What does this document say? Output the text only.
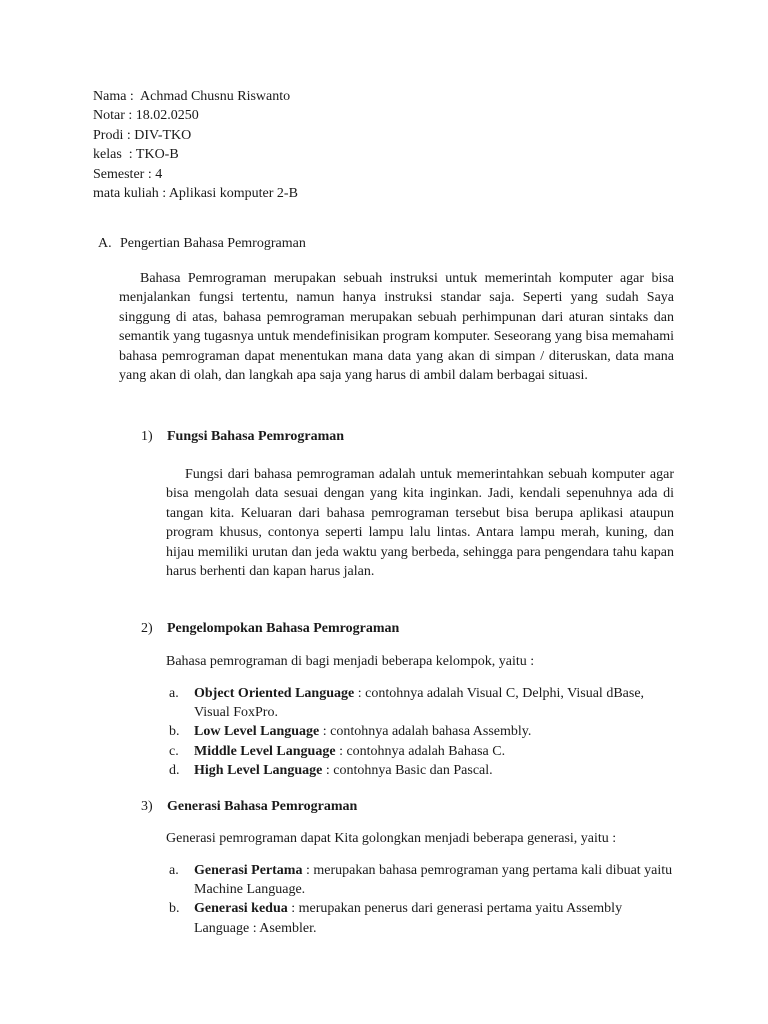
Nama :  Achmad Chusnu Riswanto
Notar : 18.02.0250
Prodi : DIV-TKO
kelas  : TKO-B
Semester : 4
mata kuliah : Aplikasi komputer 2-B
A. Pengertian Bahasa Pemrograman
Bahasa Pemrograman merupakan sebuah instruksi untuk memerintah komputer agar bisa menjalankan fungsi tertentu, namun hanya instruksi standar saja. Seperti yang sudah Saya singgung di atas, bahasa pemrograman merupakan sebuah perhimpunan dari aturan sintaks dan semantik yang tugasnya untuk mendefinisikan program komputer. Seseorang yang bisa memahami bahasa pemrograman dapat menentukan mana data yang akan di simpan / diteruskan, data mana yang akan di olah, dan langkah apa saja yang harus di ambil dalam berbagai situasi.
1) Fungsi Bahasa Pemrograman
Fungsi dari bahasa pemrograman adalah untuk memerintahkan sebuah komputer agar bisa mengolah data sesuai dengan yang kita inginkan. Jadi, kendali sepenuhnya ada di tangan kita. Keluaran dari bahasa pemrograman tersebut bisa berupa aplikasi ataupun program khusus, contonya seperti lampu lalu lintas. Antara lampu merah, kuning, dan hijau memiliki urutan dan jeda waktu yang berbeda, sehingga para pengendara tahu kapan harus berhenti dan kapan harus jalan.
2) Pengelompokan Bahasa Pemrograman
Bahasa pemrograman di bagi menjadi beberapa kelompok, yaitu :
a.	Object Oriented Language : contohnya adalah Visual C, Delphi, Visual dBase, Visual FoxPro.
b.	Low Level Language : contohnya adalah bahasa Assembly.
c.	Middle Level Language : contohnya adalah Bahasa C.
d.	High Level Language : contohnya Basic dan Pascal.
3) Generasi Bahasa Pemrograman
Generasi pemrograman dapat Kita golongkan menjadi beberapa generasi, yaitu :
a.	Generasi Pertama : merupakan bahasa pemrograman yang pertama kali dibuat yaitu Machine Language.
b.	Generasi kedua : merupakan penerus dari generasi pertama yaitu Assembly Language : Asembler.
